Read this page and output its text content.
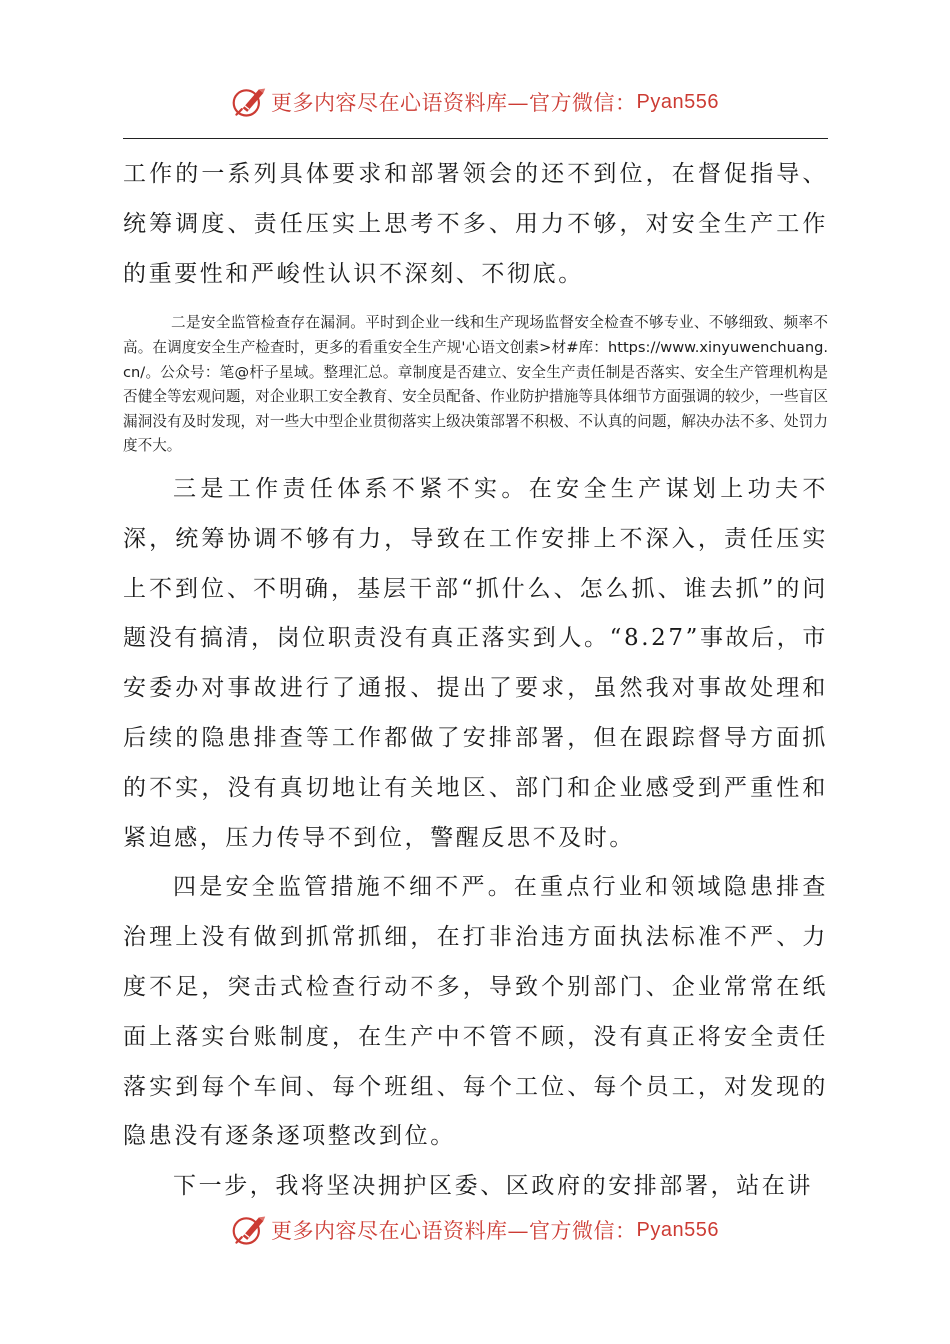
更多内容尽在心语资料库—官方微信： Pyan556

工作的一系列具体要求和部署领会的还不到位，在督促指导、统筹调度、责任压实上思考不多、用力不够，对安全生产工作的重要性和严峻性认识不深刻、不彻底。

二是安全监管检查存在漏洞。平时到企业一线和生产现场监督安全检查不够专业、不够细致、频率不高。在调度安全生产检查时，更多的看重安全生产规'心语文创素>材#库：https://www.xinyuwenchuang.cn/。公众号：笔@杆子星域。整理汇总。章制度是否建立、安全生产责任制是否落实、安全生产管理机构是否健全等宏观问题，对企业职工安全教育、安全员配备、作业防护措施等具体细节方面强调的较少，一些盲区漏洞没有及时发现，对一些大中型企业贯彻落实上级决策部署不积极、不认真的问题，解决办法不多、处罚力度不大。

三是工作责任体系不紧不实。在安全生产谋划上功夫不深，统筹协调不够有力，导致在工作安排上不深入，责任压实上不到位、不明确，基层干部“抓什么、怎么抓、谁去抓”的问题没有搞清，岗位职责没有真正落实到人。“8.27”事故后，市安委办对事故进行了通报、提出了要求，虽然我对事故处理和后续的隐患排查等工作都做了安排部署，但在跟踪督导方面抓的不实，没有真切地让有关地区、部门和企业感受到严重性和紧迫感，压力传导不到位，警醒反思不及时。

四是安全监管措施不细不严。在重点行业和领域隐患排查治理上没有做到抓常抓细，在打非治违方面执法标准不严、力度不足，突击式检查行动不多，导致个别部门、企业常常在纸面上落实台账制度，在生产中不管不顾，没有真正将安全责任落实到每个车间、每个班组、每个工位、每个员工，对发现的隐患没有逐条逐项整改到位。

下一步，我将坚决拥护区委、区政府的安排部署，站在讲

更多内容尽在心语资料库—官方微信： Pyan556
